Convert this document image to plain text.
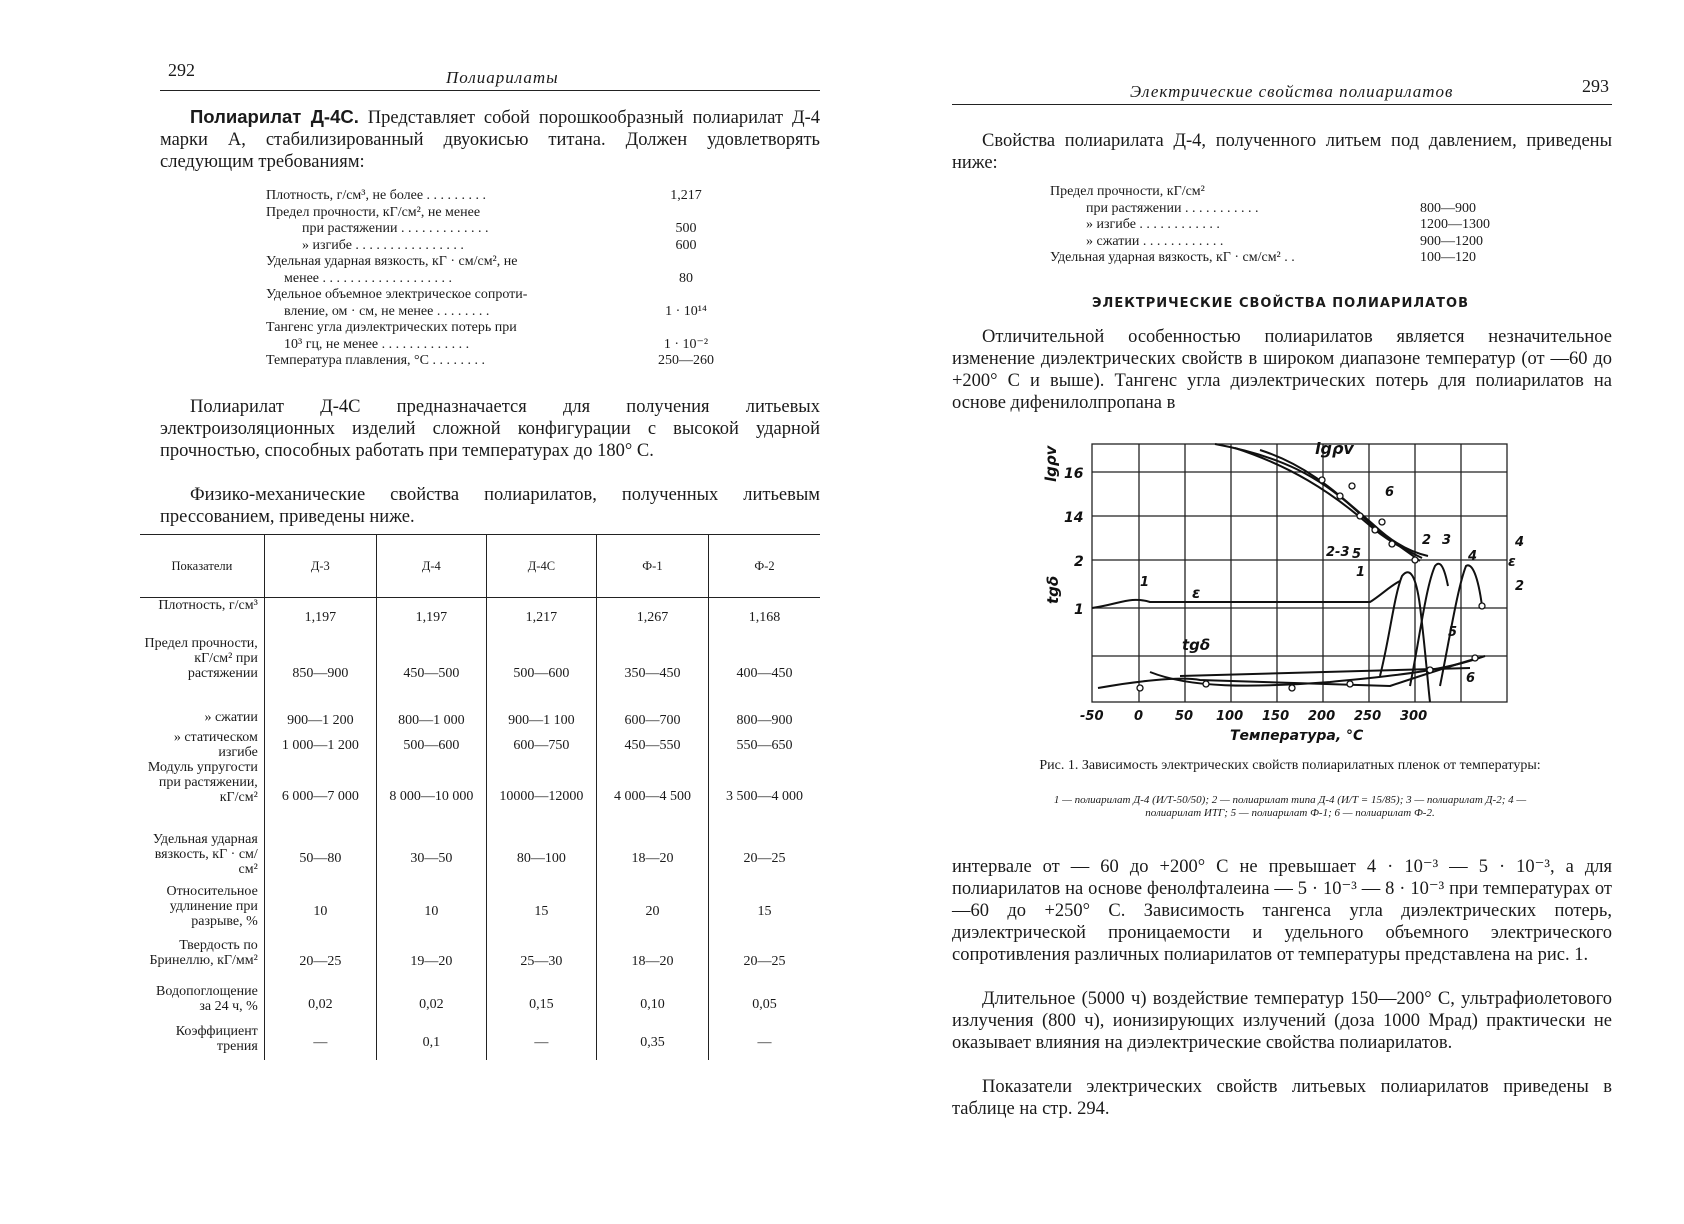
292	Полиарилаты

Полиарилат Д-4С. Представляет собой порошкообразный полиарилат Д-4 марки А, стабилизированный двуокисью титана. Должен удовлетворять следующим требованиям:

Плотность, г/см³, не более . . . . . . . . .	1,217
Предел прочности, кГ/см², не менее
при растяжении . . . . . . . . . . . . .	500
» изгибе . . . . . . . . . . . . . . . .	600
Удельная ударная вязкость, кГ · см/см², не
менее . . . . . . . . . . . . . . . . . . .	80
Удельное объемное электрическое сопроти-
вление, ом · см, не менее . . . . . . . .	1 · 10¹⁴
Тангенс угла диэлектрических потерь при
10³ гц, не менее . . . . . . . . . . . . .	1 · 10⁻²
Температура плавления, °С . . . . . . . .	250—260

Полиарилат Д-4С предназначается для получения литьевых электроизоляционных изделий сложной конфигурации с высокой ударной прочностью, способных работать при температурах до 180° С.

Физико-механические свойства полиарилатов, полученных литьевым прессованием, приведены ниже.

Показатели	Д-3	Д-4	Д-4С	Ф-1	Ф-2
Плотность, г/см³	1,197	1,197	1,217	1,267	1,168
Предел прочности, кГ/см² при растяжении	850—900	450—500	500—600	350—450	400—450
» сжатии	900—1 200	800—1 000	900—1 100	600—700	800—900
» статическом изгибе	1 000—1 200	500—600	600—750	450—550	550—650
Модуль упругости при растяжении, кГ/см²	6 000—7 000	8 000—10 000	10000—12000	4 000—4 500	3 500—4 000
Удельная ударная вязкость, кГ · см/см²	50—80	30—50	80—100	18—20	20—25
Относительное удлинение при разрыве, %	10	10	15	20	15
Твердость по Бринеллю, кГ/мм²	20—25	19—20	25—30	18—20	20—25
Водопоглощение за 24 ч, %	0,02	0,02	0,15	0,10	0,05
Коэффициент трения	—	0,1	—	0,35	—
Электрические свойства полиарилатов	293

Свойства полиарилата Д-4, полученного литьем под давлением, приведены ниже:

Предел прочности, кГ/см²
при растяжении . . . . . . . . . . .	800—900
» изгибе . . . . . . . . . . . .	1200—1300
» сжатии . . . . . . . . . . . .	900—1200
Удельная ударная вязкость, кГ · см/см² . .	100—120
ЭЛЕКТРИЧЕСКИЕ СВОЙСТВА ПОЛИАРИЛАТОВ

Отличительной особенностью полиарилатов является незначительное изменение диэлектрических свойств в широком диапазоне температур (от —60 до +200° С и выше). Тангенс угла диэлектрических потерь для полиарилатов на основе дифенилолпропана в

lgρv 16
14
tgδ
2
1
4
2
ε
lgρv
ε
tgδ
1
2 3
4
5
6
2-3 5
6
1
-50 0 50 100 150 200 250 300
Температура, °С
Рис. 1. Зависимость электрических свойств полиарилатных пленок от температуры:
1 — полиарилат Д-4 (И/Т-50/50); 2 — полиарилат типа Д-4 (И/Т = 15/85); 3 — полиарилат Д-2; 4 — полиарилат ИТГ; 5 — полиарилат Ф-1; 6 — полиарилат Ф-2.

интервале от — 60 до +200° С не превышает 4 · 10⁻³ — 5 · 10⁻³, а для полиарилатов на основе фенолфталеина — 5 · 10⁻³ — 8 · 10⁻³ при температурах от —60 до +250° С. Зависимость тангенса угла диэлектрических потерь, диэлектрической проницаемости и удельного объемного электрического сопротивления различных полиарилатов от температуры представлена на рис. 1.

Длительное (5000 ч) воздействие температур 150—200° С, ультрафиолетового излучения (800 ч), ионизирующих излучений (доза 1000 Мрад) практически не оказывает влияния на диэлектрические свойства полиарилатов.

Показатели электрических свойств литьевых полиарилатов приведены в таблице на стр. 294.
